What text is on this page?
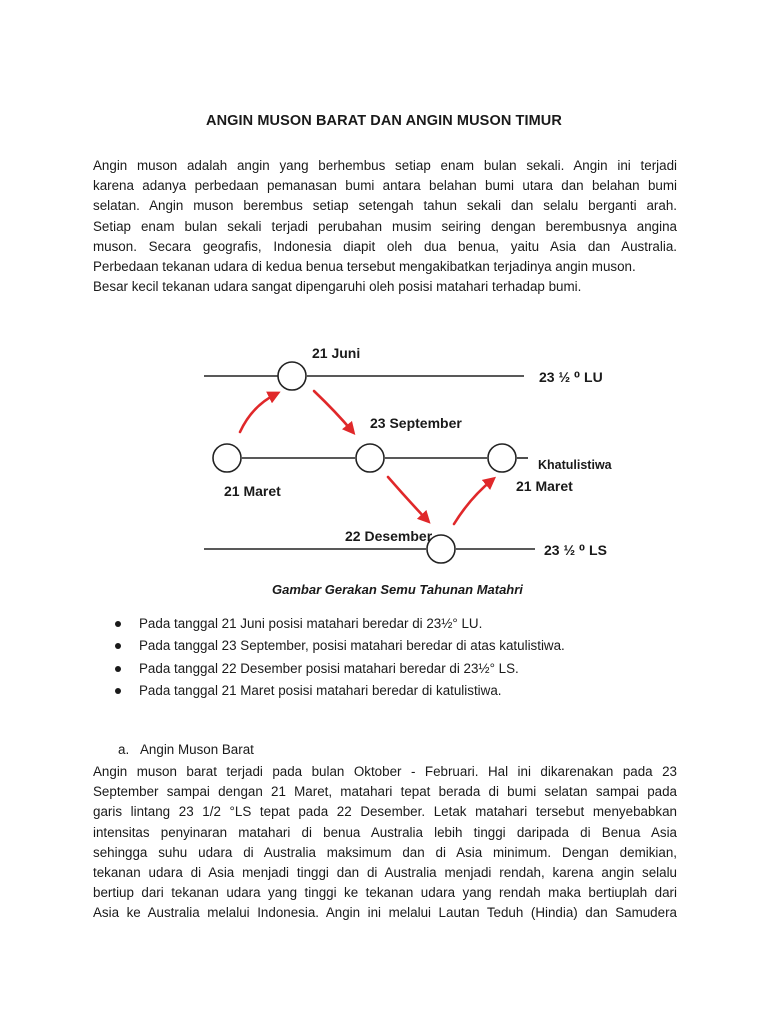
ANGIN MUSON BARAT DAN ANGIN MUSON TIMUR

Angin muson adalah angin yang berhembus setiap enam bulan sekali. Angin ini terjadi
karena adanya perbedaan pemanasan bumi antara belahan bumi utara dan belahan bumi
selatan. Angin muson berembus setiap setengah tahun sekali dan selalu berganti arah.
Setiap enam bulan sekali terjadi perubahan musim seiring dengan berembusnya angina
muson. Secara geografis, Indonesia diapit oleh dua benua, yaitu Asia dan Australia.
Perbedaan tekanan udara di kedua benua tersebut mengakibatkan terjadinya angin muson.
Besar kecil tekanan udara sangat dipengaruhi oleh posisi matahari terhadap bumi.

21 Juni
23 September
21 Maret
Khatulistiwa
21 Maret
22 Desember
23 ½ ⁰ LU
23 ½ ⁰ LS
Gambar Gerakan Semu Tahunan Matahri
Pada tanggal 21 Juni posisi matahari beredar di 23½° LU.
Pada tanggal 23 September, posisi matahari beredar di atas katulistiwa.
Pada tanggal 22 Desember posisi matahari beredar di 23½° LS.
Pada tanggal 21 Maret posisi matahari beredar di katulistiwa.
a. Angin Muson Barat

Angin muson barat terjadi pada bulan Oktober - Februari. Hal ini dikarenakan pada 23
September sampai dengan 21 Maret, matahari tepat berada di bumi selatan sampai pada
garis lintang 23 1/2 °LS tepat pada 22 Desember. Letak matahari tersebut menyebabkan
intensitas penyinaran matahari di benua Australia lebih tinggi daripada di Benua Asia
sehingga suhu udara di Australia maksimum dan di Asia minimum. Dengan demikian,
tekanan udara di Asia menjadi tinggi dan di Australia menjadi rendah, karena angin selalu
bertiup dari tekanan udara yang tinggi ke tekanan udara yang rendah maka bertiuplah dari
Asia ke Australia melalui Indonesia. Angin ini melalui Lautan Teduh (Hindia) dan Samudera
